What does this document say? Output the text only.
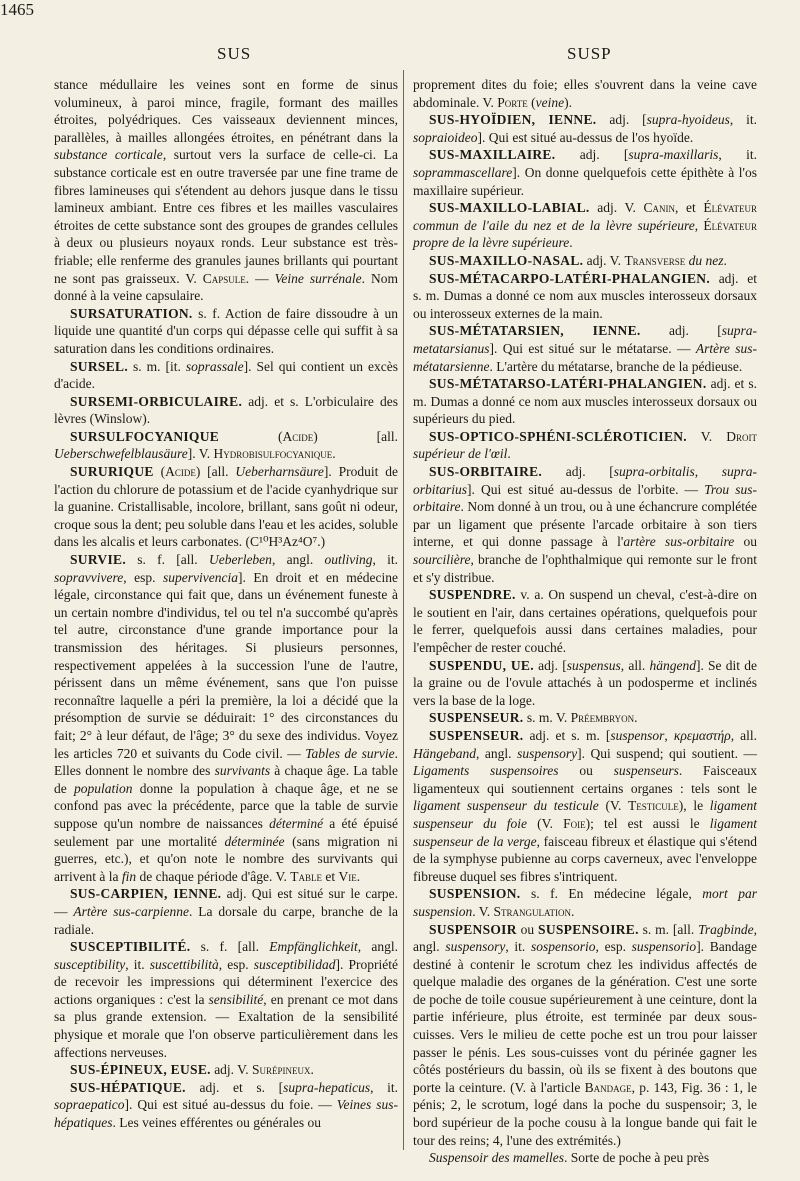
SUS	SUSP
1465

stance médullaire les veines sont en forme de sinus volumineux, à paroi mince, fragile, formant des mailles étroites, polyédriques. Ces vaisseaux deviennent minces, parallèles, à mailles allongées étroites, en pénétrant dans la substance corticale, surtout vers la surface de celle-ci. La substance corticale est en outre traversée par une fine trame de fibres lamineuses qui s'étendent au dehors jusque dans le tissu lamineux ambiant. Entre ces fibres et les mailles vasculaires étroites de cette substance sont des groupes de grandes cellules à deux ou plusieurs noyaux ronds. Leur substance est très-friable; elle renferme des granules jaunes brillants qui pourtant ne sont pas graisseux. V. Capsule. — Veine surrénale. Nom donné à la veine capsulaire.

SURSATURATION. s. f. Action de faire dissoudre à un liquide une quantité d'un corps qui dépasse celle qui suffit à sa saturation dans les conditions ordinaires.

SURSEL. s. m. [it. soprassale]. Sel qui contient un excès d'acide.

SURSEMI-ORBICULAIRE. adj. et s. L'orbiculaire des lèvres (Winslow).

SURSULFOCYANIQUE (Acide) [all. Ueberschwefelblausäure]. V. Hydrobisulfocyanique.

SURURIQUE (Acide) [all. Ueberharnsäure]. Produit de l'action du chlorure de potassium et de l'acide cyanhydrique sur la guanine. Cristallisable, incolore, brillant, sans goût ni odeur, croque sous la dent; peu soluble dans l'eau et les acides, soluble dans les alcalis et leurs carbonates. (C¹⁰H³Az⁴O⁷.)

SURVIE. s. f. [all. Ueberleben, angl. outliving, it. sopravvivere, esp. supervivencia]. En droit et en médecine légale, circonstance qui fait que, dans un événement funeste à un certain nombre d'individus, tel ou tel n'a succombé qu'après tel autre, circonstance d'une grande importance pour la transmission des héritages. Si plusieurs personnes, respectivement appelées à la succession l'une de l'autre, périssent dans un même événement, sans que l'on puisse reconnaître laquelle a péri la première, la loi a décidé que la présomption de survie se déduirait: 1° des circonstances du fait; 2° à leur défaut, de l'âge; 3° du sexe des individus. Voyez les articles 720 et suivants du Code civil. — Tables de survie. Elles donnent le nombre des survivants à chaque âge. La table de population donne la population à chaque âge, et ne se confond pas avec la précédente, parce que la table de survie suppose qu'un nombre de naissances déterminé a été épuisé seulement par une mortalité déterminée (sans migration ni guerres, etc.), et qu'on note le nombre des survivants qui arrivent à la fin de chaque période d'âge. V. Table et Vie.

SUS-CARPIEN, IENNE. adj. Qui est situé sur le carpe. — Artère sus-carpienne. La dorsale du carpe, branche de la radiale.

SUSCEPTIBILITÉ. s. f. [all. Empfänglichkeit, angl. susceptibility, it. suscettibilità, esp. susceptibilidad]. Propriété de recevoir les impressions qui déterminent l'exercice des actions organiques : c'est la sensibilité, en prenant ce mot dans sa plus grande extension. — Exaltation de la sensibilité physique et morale que l'on observe particulièrement dans les affections nerveuses.

SUS-ÉPINEUX, EUSE. adj. V. Surépineux.

SUS-HÉPATIQUE. adj. et s. [supra-hepaticus, it. sopraepatico]. Qui est situé au-dessus du foie. — Veines sus-hépatiques. Les veines efférentes ou générales ou

proprement dites du foie; elles s'ouvrent dans la veine cave abdominale. V. Porte (veine).

SUS-HYOÏDIEN, IENNE. adj. [supra-hyoideus, it. sopraioideo]. Qui est situé au-dessus de l'os hyoïde.

SUS-MAXILLAIRE. adj. [supra-maxillaris, it. soprammascellare]. On donne quelquefois cette épithète à l'os maxillaire supérieur.

SUS-MAXILLO-LABIAL. adj. V. Canin, et Élévateur commun de l'aile du nez et de la lèvre supérieure, Élévateur propre de la lèvre supérieure.

SUS-MAXILLO-NASAL. adj. V. Transverse du nez.

SUS-MÉTACARPO-LATÉRI-PHALANGIEN. adj. et s. m. Dumas a donné ce nom aux muscles interosseux dorsaux ou interosseux externes de la main.

SUS-MÉTATARSIEN, IENNE. adj. [supra-metatarsianus]. Qui est situé sur le métatarse. — Artère sus-métatarsienne. L'artère du métatarse, branche de la pédieuse.

SUS-MÉTATARSO-LATÉRI-PHALANGIEN. adj. et s. m. Dumas a donné ce nom aux muscles interosseux dorsaux ou supérieurs du pied.

SUS-OPTICO-SPHÉNI-SCLÉROTICIEN. V. Droit supérieur de l'œil.

SUS-ORBITAIRE. adj. [supra-orbitalis, supra-orbitarius]. Qui est situé au-dessus de l'orbite. — Trou sus-orbitaire. Nom donné à un trou, ou à une échancrure complétée par un ligament que présente l'arcade orbitaire à son tiers interne, et qui donne passage à l'artère sus-orbitaire ou sourcilière, branche de l'ophthalmique qui remonte sur le front et s'y distribue.

SUSPENDRE. v. a. On suspend un cheval, c'est-à-dire on le soutient en l'air, dans certaines opérations, quelquefois pour le ferrer, quelquefois aussi dans certaines maladies, pour l'empêcher de rester couché.

SUSPENDU, UE. adj. [suspensus, all. hängend]. Se dit de la graine ou de l'ovule attachés à un podosperme et inclinés vers la base de la loge.

SUSPENSEUR. s. m. V. Préembryon.

SUSPENSEUR. adj. et s. m. [suspensor, κρεμαστήρ, all. Hängeband, angl. suspensory]. Qui suspend; qui soutient. — Ligaments suspensoires ou suspenseurs. Faisceaux ligamenteux qui soutiennent certains organes : tels sont le ligament suspenseur du testicule (V. Testicule), le ligament suspenseur du foie (V. Foie); tel est aussi le ligament suspenseur de la verge, faisceau fibreux et élastique qui s'étend de la symphyse pubienne au corps caverneux, avec l'enveloppe fibreuse duquel ses fibres s'intriquent.

SUSPENSION. s. f. En médecine légale, mort par suspension. V. Strangulation.

SUSPENSOIR ou SUSPENSOIRE. s. m. [all. Tragbinde, angl. suspensory, it. sospensorio, esp. suspensorio]. Bandage destiné à contenir le scrotum chez les individus affectés de quelque maladie des organes de la génération. C'est une sorte de poche de toile cousue supérieurement à une ceinture, dont la partie inférieure, plus étroite, est terminée par deux sous-cuisses. Vers le milieu de cette poche est un trou pour laisser passer le pénis. Les sous-cuisses vont du périnée gagner les côtés postérieurs du bassin, où ils se fixent à des boutons que porte la ceinture. (V. à l'article Bandage, p. 143, Fig. 36 : 1, le pénis; 2, le scrotum, logé dans la poche du suspensoir; 3, le bord supérieur de la poche cousu à la longue bande qui fait le tour des reins; 4, l'une des extrémités.)

Suspensoir des mamelles. Sorte de poche à peu près
